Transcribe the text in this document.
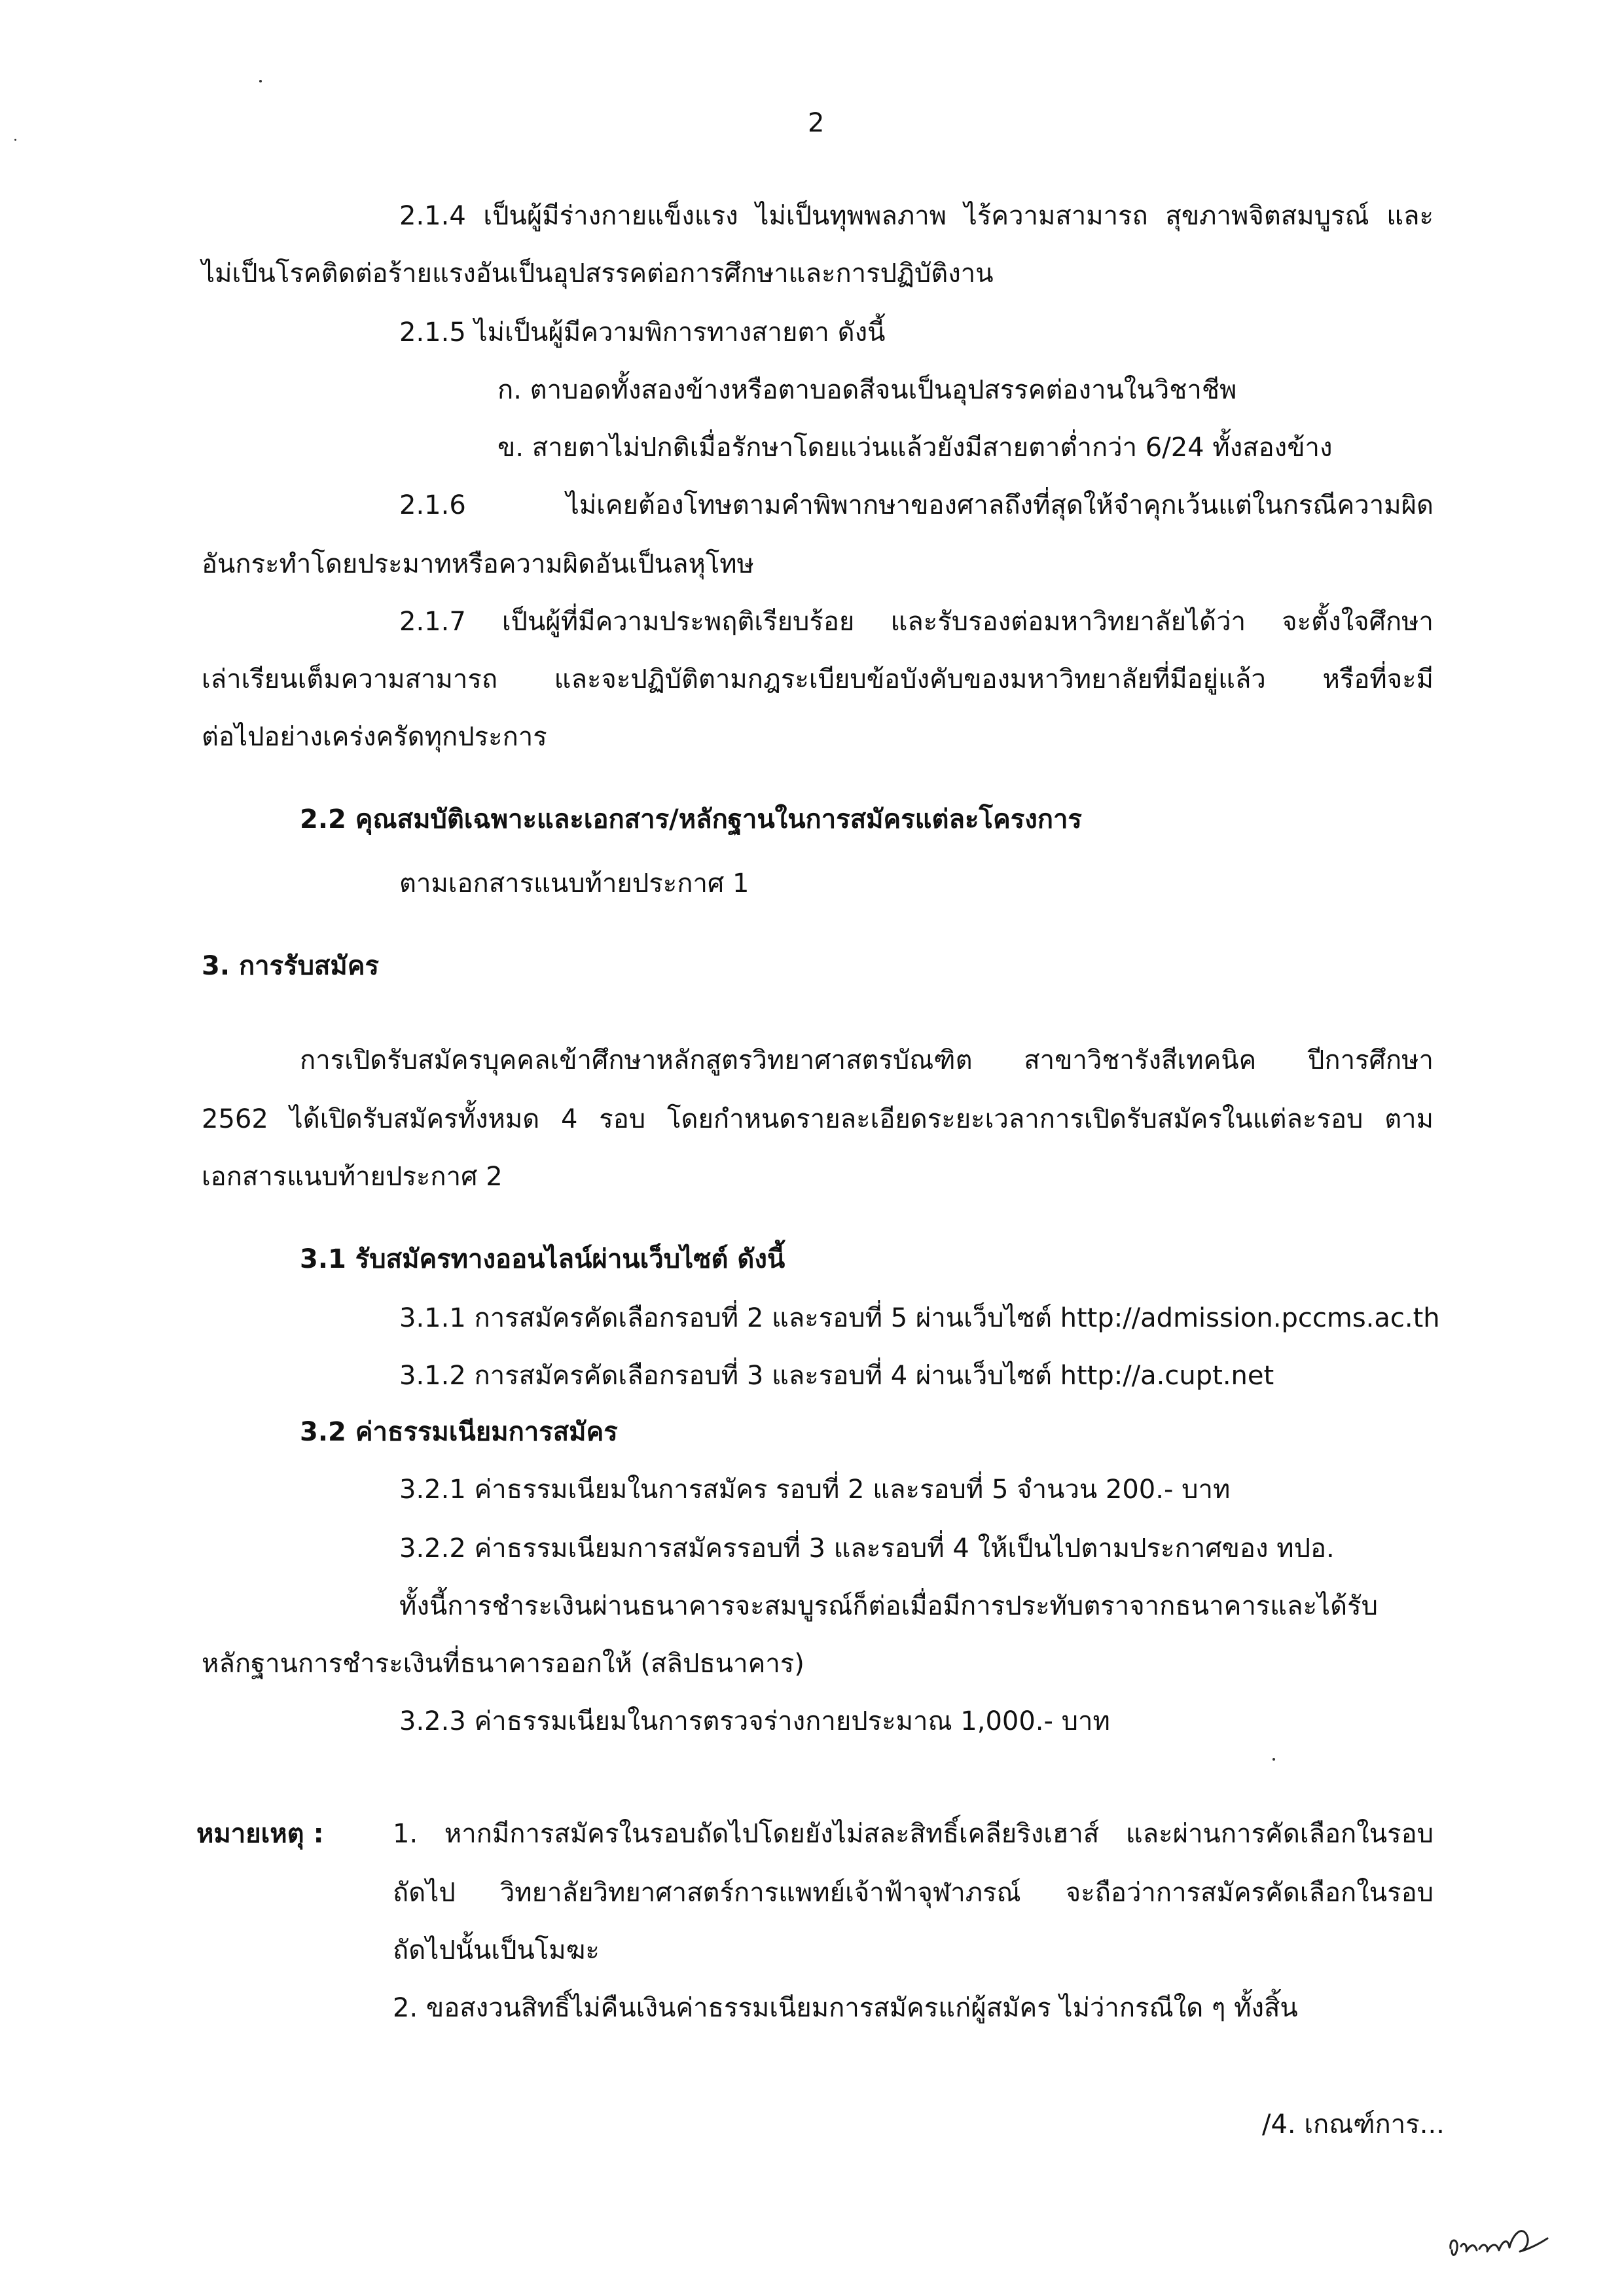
2
2.1.4 เป็นผู้มีร่างกายแข็งแรง ไม่เป็นทุพพลภาพ ไร้ความสามารถ สุขภาพจิตสมบูรณ์ และ
ไม่เป็นโรคติดต่อร้ายแรงอันเป็นอุปสรรคต่อการศึกษาและการปฏิบัติงาน
2.1.5 ไม่เป็นผู้มีความพิการทางสายตา ดังนี้
ก. ตาบอดทั้งสองข้างหรือตาบอดสีจนเป็นอุปสรรคต่องานในวิชาชีพ
ข. สายตาไม่ปกติเมื่อรักษาโดยแว่นแล้วยังมีสายตาต่ำกว่า 6/24 ทั้งสองข้าง
2.1.6 ไม่เคยต้องโทษตามคำพิพากษาของศาลถึงที่สุดให้จำคุกเว้นแต่ในกรณีความผิด
อันกระทำโดยประมาทหรือความผิดอันเป็นลหุโทษ
2.1.7 เป็นผู้ที่มีความประพฤติเรียบร้อย และรับรองต่อมหาวิทยาลัยได้ว่า จะตั้งใจศึกษา
เล่าเรียนเต็มความสามารถ และจะปฏิบัติตามกฎระเบียบข้อบังคับของมหาวิทยาลัยที่มีอยู่แล้ว หรือที่จะมี
ต่อไปอย่างเคร่งครัดทุกประการ
2.2 คุณสมบัติเฉพาะและเอกสาร/หลักฐานในการสมัครแต่ละโครงการ
ตามเอกสารแนบท้ายประกาศ 1
3. การรับสมัคร
การเปิดรับสมัครบุคคลเข้าศึกษาหลักสูตรวิทยาศาสตรบัณฑิต สาขาวิชารังสีเทคนิค ปีการศึกษา
2562 ได้เปิดรับสมัครทั้งหมด 4 รอบ โดยกำหนดรายละเอียดระยะเวลาการเปิดรับสมัครในแต่ละรอบ ตาม
เอกสารแนบท้ายประกาศ 2
3.1 รับสมัครทางออนไลน์ผ่านเว็บไซต์ ดังนี้
3.1.1 การสมัครคัดเลือกรอบที่ 2 และรอบที่ 5 ผ่านเว็บไซต์ http://admission.pccms.ac.th
3.1.2 การสมัครคัดเลือกรอบที่ 3 และรอบที่ 4 ผ่านเว็บไซต์ http://a.cupt.net
3.2 ค่าธรรมเนียมการสมัคร
3.2.1 ค่าธรรมเนียมในการสมัคร รอบที่ 2 และรอบที่ 5 จำนวน 200.- บาท
3.2.2 ค่าธรรมเนียมการสมัครรอบที่ 3 และรอบที่ 4 ให้เป็นไปตามประกาศของ ทปอ.
ทั้งนี้การชำระเงินผ่านธนาคารจะสมบูรณ์ก็ต่อเมื่อมีการประทับตราจากธนาคารและได้รับ
หลักฐานการชำระเงินที่ธนาคารออกให้ (สลิปธนาคาร)
3.2.3 ค่าธรรมเนียมในการตรวจร่างกายประมาณ 1,000.- บาท
หมายเหตุ :	1. หากมีการสมัครในรอบถัดไปโดยยังไม่สละสิทธิ์เคลียริงเฮาส์ และผ่านการคัดเลือกในรอบ
ถัดไป วิทยาลัยวิทยาศาสตร์การแพทย์เจ้าฟ้าจุฬาภรณ์ จะถือว่าการสมัครคัดเลือกในรอบ
ถัดไปนั้นเป็นโมฆะ
2. ขอสงวนสิทธิ์ไม่คืนเงินค่าธรรมเนียมการสมัครแก่ผู้สมัคร ไม่ว่ากรณีใด ๆ ทั้งสิ้น
/4. เกณฑ์การ...
